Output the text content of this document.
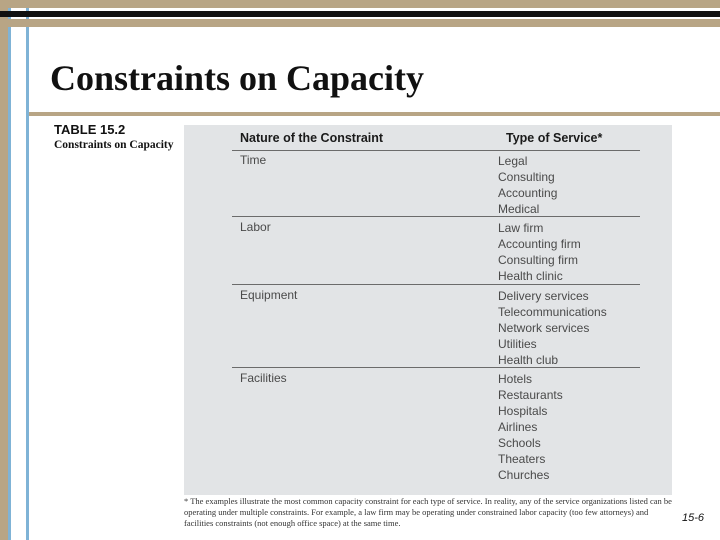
Constraints on Capacity
TABLE 15.2
Constraints on Capacity	Nature of the Constraint	Type of Service*
Time	Legal
Consulting
Accounting
Medical
Labor	Law firm
Accounting firm
Consulting firm
Health clinic
Equipment	Delivery services
Telecommunications
Network services
Utilities
Health club
Facilities	Hotels
Restaurants
Hospitals
Airlines
Schools
Theaters
Churches
* The examples illustrate the most common capacity constraint for each type of service. In reality, any of the service organizations listed can be operating under multiple constraints. For example, a law firm may be operating under constrained labor capacity (too few attorneys) and facilities constraints (not enough office space) at the same time.	15-6
